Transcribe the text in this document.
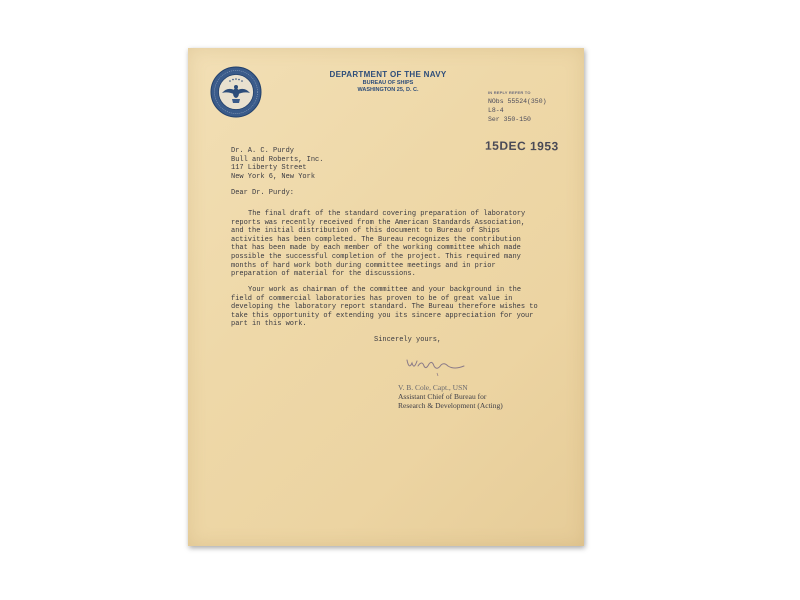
DEPARTMENT OF THE NAVY
BUREAU OF SHIPS
WASHINGTON 25, D. C.	IN REPLY REFER TO
NObs 55524(350)
L8-4
Ser 350-150
15DEC 1953
Dr. A. C. Purdy
Bull and Roberts, Inc.
117 Liberty Street
New York 6, New York
Dear Dr. Purdy:

The final draft of the standard covering preparation of laboratory reports was recently received from the American Standards Association, and the initial distribution of this document to Bureau of Ships activities has been completed. The Bureau recognizes the contribution that has been made by each member of the working committee which made possible the successful completion of the project. This required many months of hard work both during committee meetings and in prior preparation of material for the discussions.

Your work as chairman of the committee and your background in the field of commercial laboratories has proven to be of great value in developing the laboratory report standard. The Bureau therefore wishes to take this opportunity of extending you its sincere appreciation for your part in this work.

Sincerely yours,
V. B. Cole, Capt., USN
Assistant Chief of Bureau for
Research & Development (Acting)
